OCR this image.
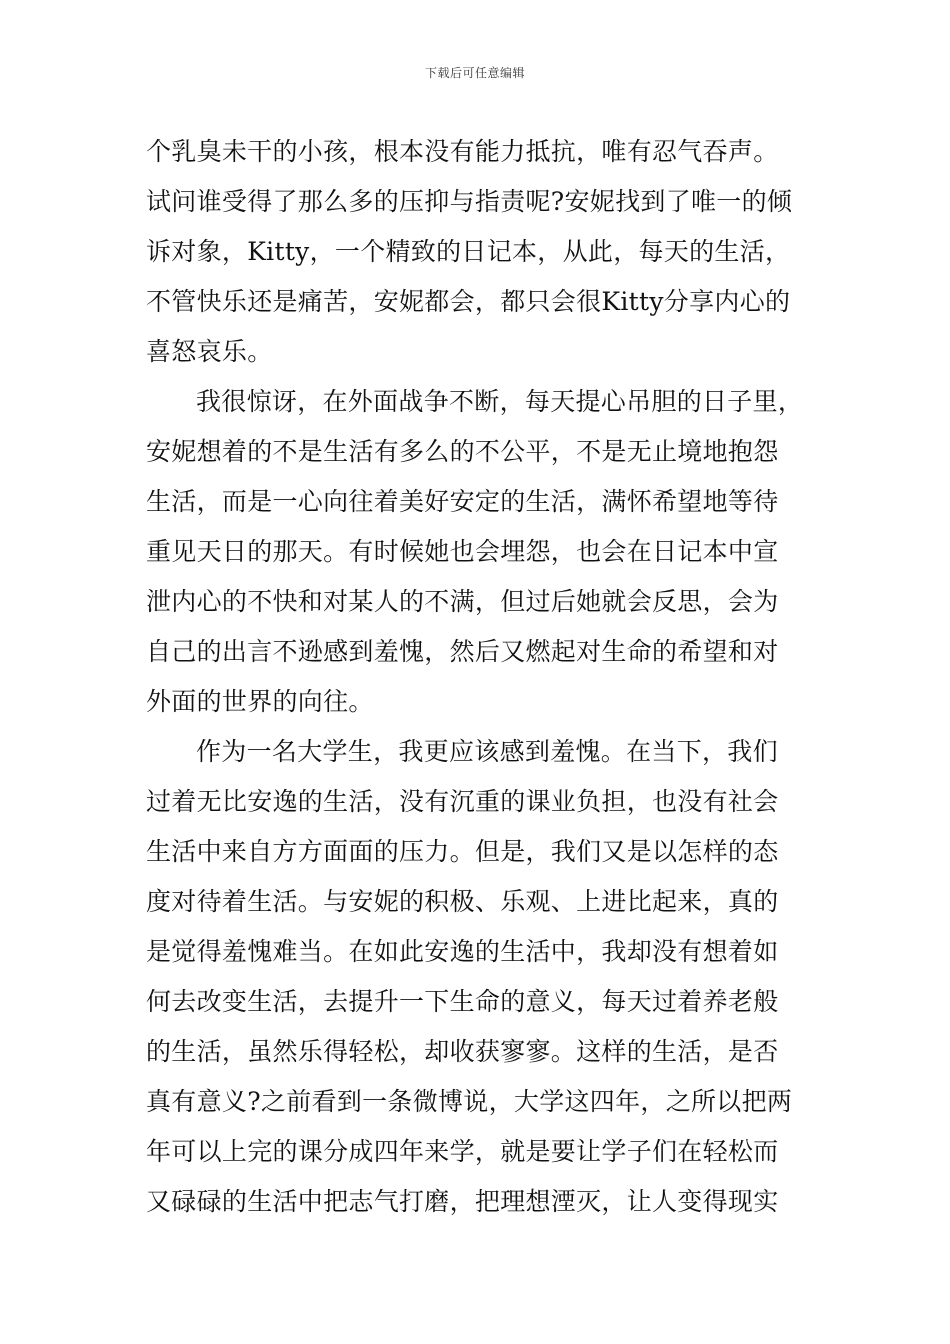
下载后可任意编辑
个乳臭未干的小孩，根本没有能力抵抗，唯有忍气吞声。
试问谁受得了那么多的压抑与指责呢?安妮找到了唯一的倾
诉对象，Kitty，一个精致的日记本，从此，每天的生活，
不管快乐还是痛苦，安妮都会，都只会很Kitty分享内心的
喜怒哀乐。
我很惊讶，在外面战争不断，每天提心吊胆的日子里，
安妮想着的不是生活有多么的不公平，不是无止境地抱怨
生活，而是一心向往着美好安定的生活，满怀希望地等待
重见天日的那天。有时候她也会埋怨，也会在日记本中宣
泄内心的不快和对某人的不满，但过后她就会反思，会为
自己的出言不逊感到羞愧，然后又燃起对生命的希望和对
外面的世界的向往。
作为一名大学生，我更应该感到羞愧。在当下，我们
过着无比安逸的生活，没有沉重的课业负担，也没有社会
生活中来自方方面面的压力。但是，我们又是以怎样的态
度对待着生活。与安妮的积极、乐观、上进比起来，真的
是觉得羞愧难当。在如此安逸的生活中，我却没有想着如
何去改变生活，去提升一下生命的意义，每天过着养老般
的生活，虽然乐得轻松，却收获寥寥。这样的生活，是否
真有意义?之前看到一条微博说，大学这四年，之所以把两
年可以上完的课分成四年来学，就是要让学子们在轻松而
又碌碌的生活中把志气打磨，把理想湮灭，让人变得现实
